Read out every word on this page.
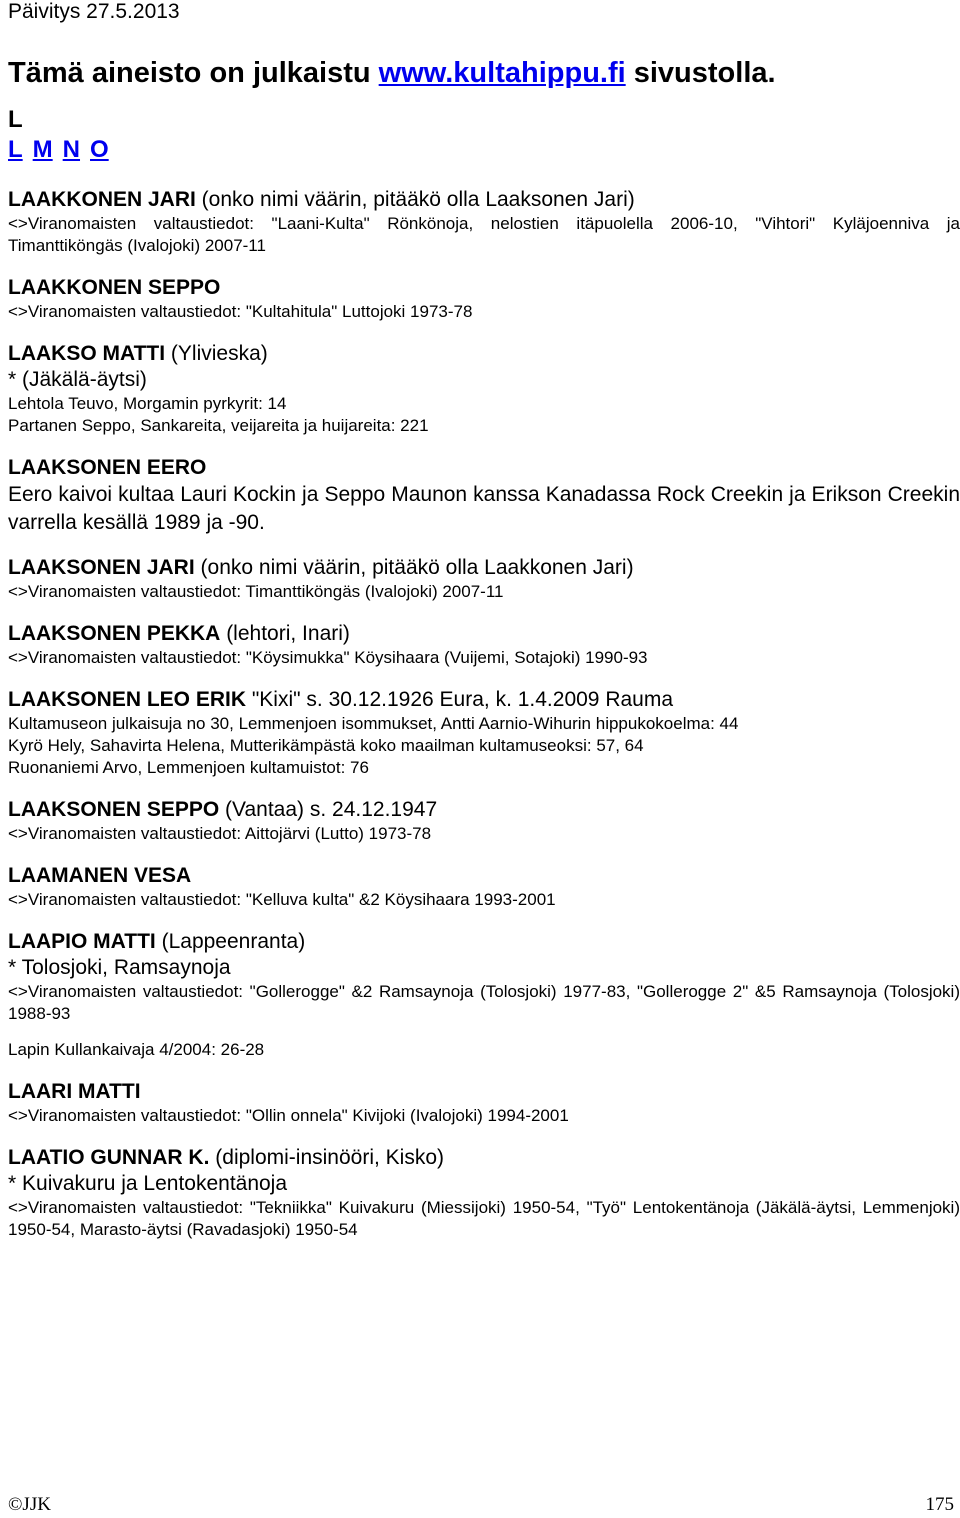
Päivitys 27.5.2013
Tämä aineisto on julkaistu www.kultahippu.fi sivustolla.
L
L M N O
LAAKKONEN JARI (onko nimi väärin, pitääkö olla Laaksonen Jari)
<>Viranomaisten valtaustiedot: "Laani-Kulta" Rönkönoja, nelostien itäpuolella 2006-10, "Vihtori" Kyläjoenniva ja Timanttiköngäs (Ivalojoki) 2007-11
LAAKKONEN SEPPO
<>Viranomaisten valtaustiedot: "Kultahitula" Luttojoki 1973-78
LAAKSO MATTI (Ylivieska)
* (Jäkälä-äytsi)
Lehtola Teuvo, Morgamin pyrkyrit: 14
Partanen Seppo, Sankareita, veijareita ja huijareita: 221
LAAKSONEN EERO
Eero kaivoi kultaa Lauri Kockin ja Seppo Maunon kanssa Kanadassa Rock Creekin ja Erikson Creekin varrella kesällä 1989 ja -90.
LAAKSONEN JARI (onko nimi väärin, pitääkö olla Laakkonen Jari)
<>Viranomaisten valtaustiedot: Timanttiköngäs (Ivalojoki) 2007-11
LAAKSONEN PEKKA (lehtori, Inari)
<>Viranomaisten valtaustiedot: "Köysimukka" Köysihaara (Vuijemi, Sotajoki) 1990-93
LAAKSONEN LEO ERIK "Kixi" s. 30.12.1926 Eura, k. 1.4.2009 Rauma
Kultamuseon julkaisuja no 30, Lemmenjoen isommukset, Antti Aarnio-Wihurin hippukokoelma: 44
Kyrö Hely, Sahavirta Helena, Mutterikämpästä koko maailman kultamuseoksi: 57, 64
Ruonaniemi Arvo, Lemmenjoen kultamuistot: 76
LAAKSONEN SEPPO (Vantaa) s. 24.12.1947
<>Viranomaisten valtaustiedot: Aittojärvi (Lutto) 1973-78
LAAMANEN VESA
<>Viranomaisten valtaustiedot: "Kelluva kulta" &2 Köysihaara 1993-2001
LAAPIO MATTI (Lappeenranta)
* Tolosjoki, Ramsaynoja
<>Viranomaisten valtaustiedot: "Gollerogge" &2 Ramsaynoja (Tolosjoki) 1977-83, "Gollerogge 2" &5 Ramsaynoja (Tolosjoki) 1988-93
Lapin Kullankaivaja 4/2004: 26-28
LAARI MATTI
<>Viranomaisten valtaustiedot: "Ollin onnela" Kivijoki (Ivalojoki) 1994-2001
LAATIO GUNNAR K. (diplomi-insinööri, Kisko)
* Kuivakuru ja Lentokentänoja
<>Viranomaisten valtaustiedot: "Tekniikka" Kuivakuru (Miessijoki) 1950-54, "Työ" Lentokentänoja (Jäkälä-äytsi, Lemmenjoki) 1950-54, Marasto-äytsi (Ravadasjoki) 1950-54
©JJK	175
